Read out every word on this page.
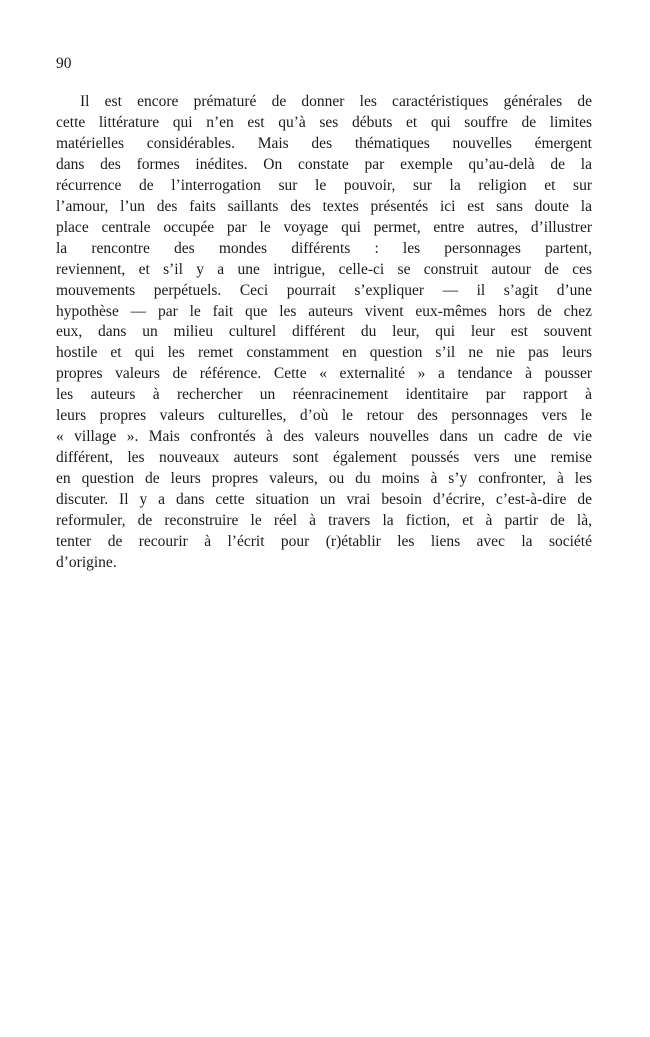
90
Il est encore prématuré de donner les caractéristiques générales de
cette littérature qui n’en est qu’à ses débuts et qui souffre de limites
matérielles considérables. Mais des thématiques nouvelles émergent
dans des formes inédites. On constate par exemple qu’au-delà de la
récurrence de l’interrogation sur le pouvoir, sur la religion et sur
l’amour, l’un des faits saillants des textes présentés ici est sans doute la
place centrale occupée par le voyage qui permet, entre autres, d’illustrer
la rencontre des mondes différents : les personnages partent,
reviennent, et s’il y a une intrigue, celle-ci se construit autour de ces
mouvements perpétuels. Ceci pourrait s’expliquer — il s’agit d’une
hypothèse — par le fait que les auteurs vivent eux-mêmes hors de chez
eux, dans un milieu culturel différent du leur, qui leur est souvent
hostile et qui les remet constamment en question s’il ne nie pas leurs
propres valeurs de référence. Cette « externalité » a tendance à pousser
les auteurs à rechercher un réenracinement identitaire par rapport à
leurs propres valeurs culturelles, d’où le retour des personnages vers le
« village ». Mais confrontés à des valeurs nouvelles dans un cadre de vie
différent, les nouveaux auteurs sont également poussés vers une remise
en question de leurs propres valeurs, ou du moins à s’y confronter, à les
discuter. Il y a dans cette situation un vrai besoin d’écrire, c’est-à-dire de
reformuler, de reconstruire le réel à travers la fiction, et à partir de là,
tenter de recourir à l’écrit pour (r)établir les liens avec la société
d’origine.
